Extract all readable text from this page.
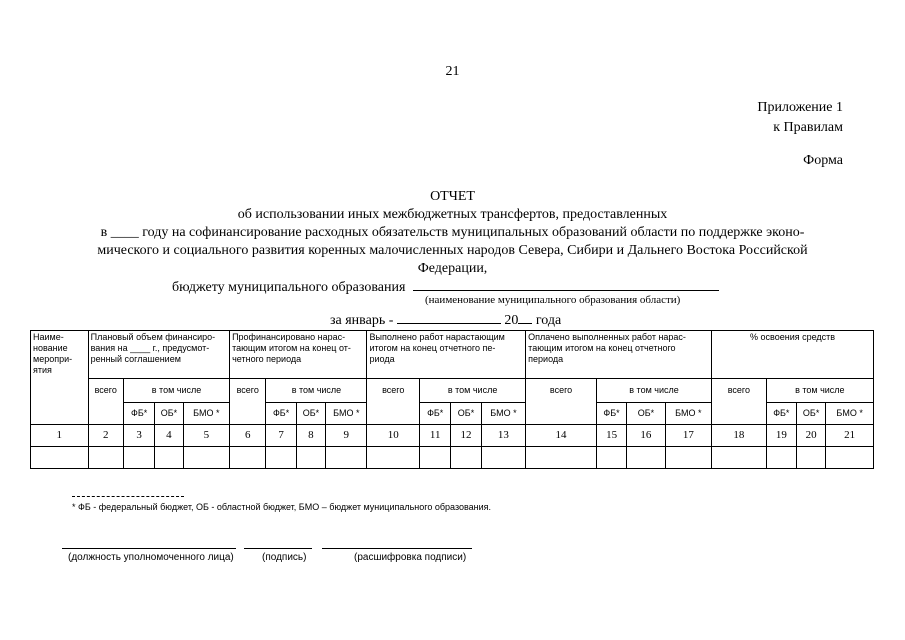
21
Приложение 1
к Правилам
Форма
ОТЧЕТ
об использовании иных межбюджетных трансфертов, предоставленных
в ____ году на софинансирование расходных обязательств муниципальных образований области по поддержке эконо-
мического и социального развития коренных малочисленных народов Севера, Сибири и Дальнего Востока Российской
Федерации,
бюджету муниципального образования
(наименование муниципального образования области)
за январь -	20 года
Наиме-
нование
меропри-
ятия	Плановый объем финансиро-
вания на ____ г., предусмот-
ренный соглашением				Профинансировано нарас-
тающим итогом на конец от-
четного периода				Выполнено работ нарастающим
итогом на конец отчетного пе-
риода				Оплачено выполненных работ нарас-
тающим итогом на конец отчетного
периода				% освоения средств			
	всего	в том числе			всего	в том числе			всего	в том числе			всего	в том числе			всего	в том числе		
		ФБ*	ОБ*	БМО *		ФБ*	ОБ*	БМО *		ФБ*	ОБ*	БМО *		ФБ*	ОБ*	БМО *		ФБ*	ОБ*	БМО *
1	2	3	4	5	6	7	8	9	10	11	12	13	14	15	16	17	18	19	20	21

* ФБ - федеральный бюджет, ОБ - областной бюджет, БМО – бюджет муниципального образования.
(должность уполномоченного лица)	(подпись)	(расшифровка подписи)
